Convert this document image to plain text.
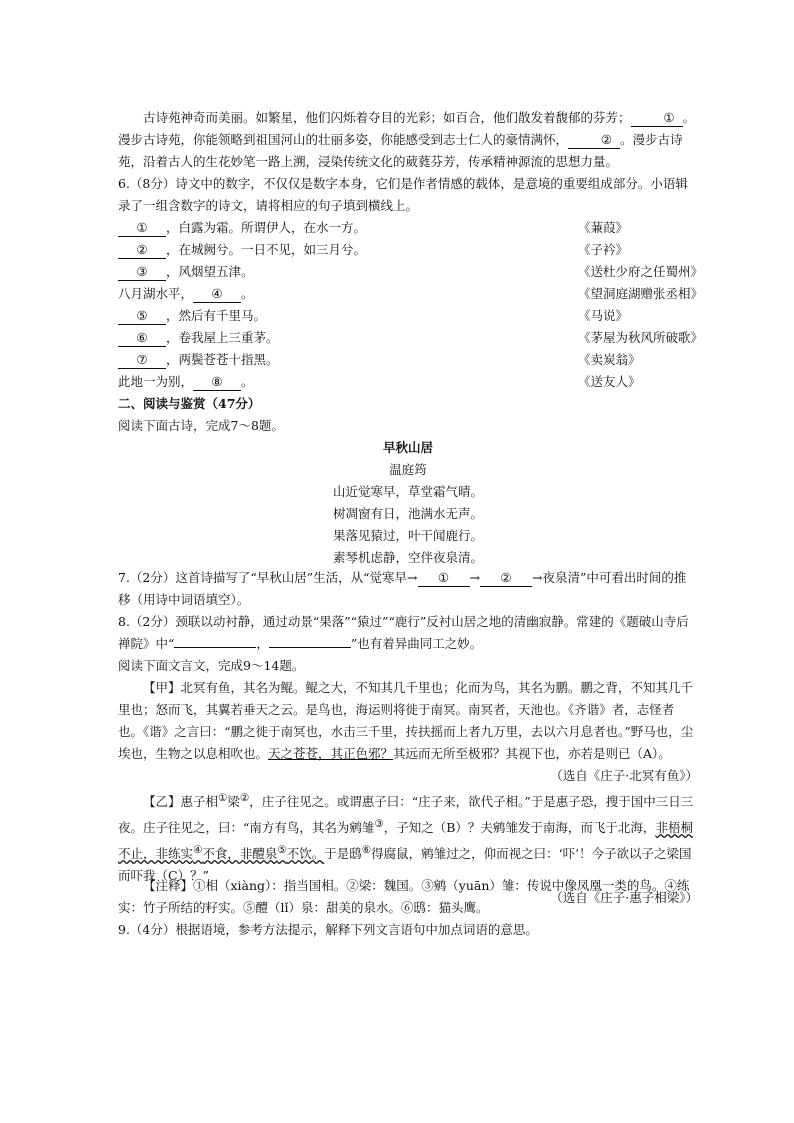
古诗苑神奇而美丽。如繁星，他们闪烁着夺目的光彩；如百合，他们散发着馥郁的芬芳；	① 。漫步古诗苑，你能领略到祖国河山的壮丽多姿，你能感受到志士仁人的豪情满怀，	② 。漫步古诗苑，沿着古人的生花妙笔一路上溯，浸染传统文化的葳蕤芬芳，传承精神源流的思想力量。

6.（8分）诗文中的数字，不仅仅是数字本身，它们是作者情感的载体，是意境的重要组成部分。小语辑录了一组含数字的诗文，请将相应的句子填到横线上。

① ，白露为霜。所谓伊人，在水一方。	《蒹葭》
② ，在城阙兮。一日不见，如三月兮。	《子衿》
③ ，风烟望五津。	《送杜少府之任蜀州》
八月湖水平， ④ 。	《望洞庭湖赠张丞相》
⑤ ，然后有千里马。	《马说》
⑥ ，卷我屋上三重茅。	《茅屋为秋风所破歌》
⑦ ，两鬓苍苍十指黑。	《卖炭翁》
此地一为别， ⑧ 。	《送友人》

二、阅读与鉴赏（47分）

阅读下面古诗，完成7～8题。

早秋山居

温庭筠

山近觉寒早，草堂霜气晴。

树凋窗有日，池满水无声。

果落见猿过，叶干闻鹿行。

素琴机虑静，空伴夜泉清。

7.（2分）这首诗描写了“早秋山居”生活，从“觉寒早→ ① → ② →夜泉清”中可看出时间的推移（用诗中词语填空）。

8.（2分）颈联以动衬静，通过动景“果落”“猿过”“鹿行”反衬山居之地的清幽寂静。常建的《题破山寺后禅院》中“	，	”也有着异曲同工之妙。

阅读下面文言文，完成9～14题。

【甲】北冥有鱼，其名为鲲。鲲之大，不知其几千里也；化而为鸟，其名为鹏。鹏之背，不知其几千里也；怒而飞，其翼若垂天之云。是鸟也，海运则将徙于南冥。南冥者，天池也。《齐谐》者，志怪者也。《谐》之言曰：“鹏之徙于南冥也，水击三千里，抟扶摇而上者九万里，去以六月息者也。”野马也，尘埃也，生物之以息相吹也。天之苍苍，其正色邪？其远而无所至极邪？其视下也，亦若是则已（A）。

（选自《庄子·北冥有鱼》）

【乙】惠子相①梁②，庄子往见之。或谓惠子曰：“庄子来，欲代子相。”于是惠子恐，搜于国中三日三夜。庄子往见之，曰：“南方有鸟，其名为鹓雏③，子知之（B）？夫鹓雏发于南海，而飞于北海，非梧桐不止，非练实④不食，非醴泉⑤不饮。于是鸱⑥得腐鼠，鹓雏过之，仰而视之曰：‘吓’！今子欲以子之梁国而吓我（C）？”

（选自《庄子·惠子相梁》）

【注释】①相（xiàng）：指当国相。②梁：魏国。③鹓（yuān）雏：传说中像凤凰一类的鸟。④练实：竹子所结的籽实。⑤醴（lǐ）泉：甜美的泉水。⑥鸱：猫头鹰。

9.（4分）根据语境，参考方法提示，解释下列文言语句中加点词语的意思。
